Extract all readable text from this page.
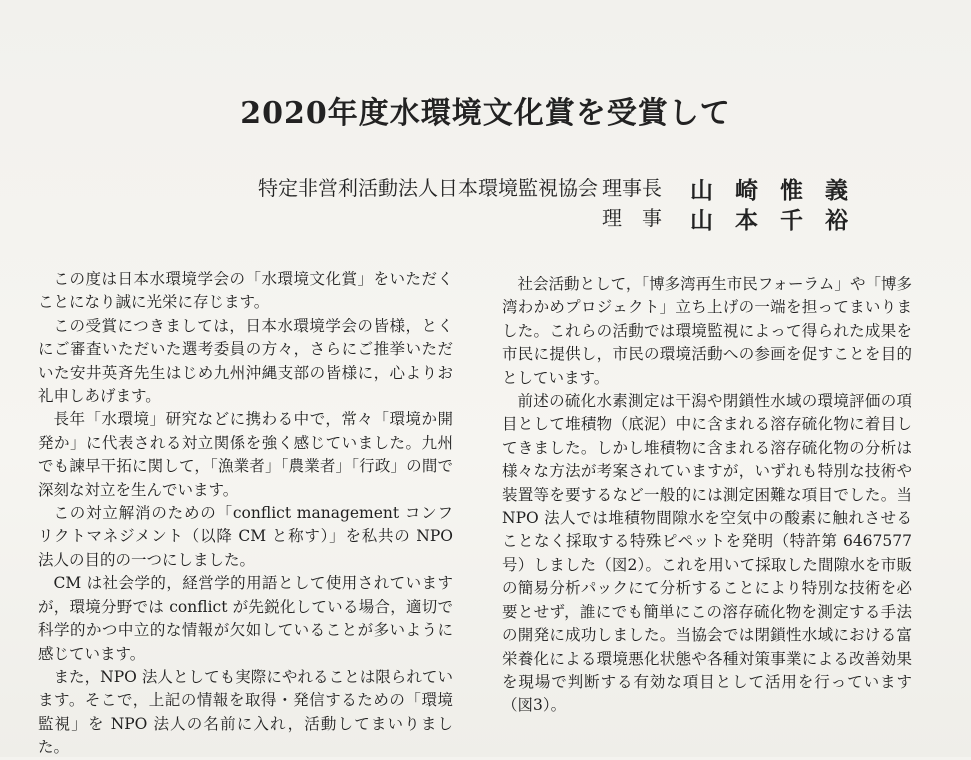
2020年度水環境文化賞を受賞して
特定非営利活動法人日本環境監視協会 理事長 山崎惟義
理　事 山本千裕

この度は日本水環境学会の「水環境文化賞」をいただくことになり誠に光栄に存じます。

この受賞につきましては，日本水環境学会の皆様，とくにご審査いただいた選考委員の方々，さらにご推挙いただいた安井英斉先生はじめ九州沖縄支部の皆様に，心よりお礼申しあげます。

長年「水環境」研究などに携わる中で，常々「環境か開発か」に代表される対立関係を強く感じていました。九州でも諫早干拓に関して，「漁業者」「農業者」「行政」の間で深刻な対立を生んでいます。

この対立解消のための「conflict management コンフリクトマネジメント（以降 CM と称す）」を私共の NPO 法人の目的の一つにしました。

CM は社会学的，経営学的用語として使用されていますが，環境分野では conflict が先鋭化している場合，適切で科学的かつ中立的な情報が欠如していることが多いように感じています。

また，NPO 法人としても実際にやれることは限られています。そこで，上記の情報を取得・発信するための「環境監視」を NPO 法人の名前に入れ，活動してまいりました。

社会活動として，「博多湾再生市民フォーラム」や「博多湾わかめプロジェクト」立ち上げの一端を担ってまいりました。これらの活動では環境監視によって得られた成果を市民に提供し，市民の環境活動への参画を促すことを目的としています。

前述の硫化水素測定は干潟や閉鎖性水域の環境評価の項目として堆積物（底泥）中に含まれる溶存硫化物に着目してきました。しかし堆積物に含まれる溶存硫化物の分析は様々な方法が考案されていますが，いずれも特別な技術や装置等を要するなど一般的には測定困難な項目でした。当 NPO 法人では堆積物間隙水を空気中の酸素に触れさせることなく採取する特殊ピペットを発明（特許第 6467577 号）しました（図2）。これを用いて採取した間隙水を市販の簡易分析パックにて分析することにより特別な技術を必要とせず，誰にでも簡単にこの溶存硫化物を測定する手法の開発に成功しました。当協会では閉鎖性水域における富栄養化による環境悪化状態や各種対策事業による改善効果を現場で判断する有効な項目として活用を行っています（図3）。
